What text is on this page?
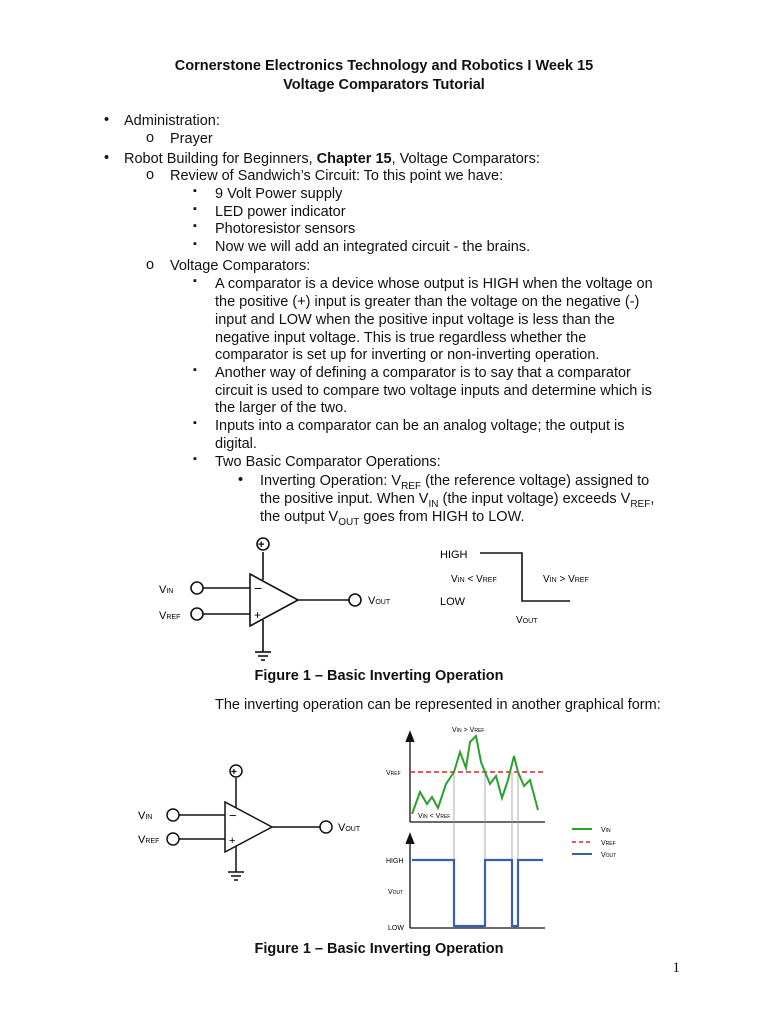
Cornerstone Electronics Technology and Robotics I Week 15
Voltage Comparators Tutorial
• Administration:
o Prayer
• Robot Building for Beginners, Chapter 15, Voltage Comparators:
o Review of Sandwich’s Circuit: To this point we have:
▪ 9 Volt Power supply
▪ LED power indicator
▪ Photoresistor sensors
▪ Now we will add an integrated circuit - the brains.
o Voltage Comparators:
▪ A comparator is a device whose output is HIGH when the voltage on
the positive (+) input is greater than the voltage on the negative (-)
input and LOW when the positive input voltage is less than the
negative input voltage. This is true regardless whether the
comparator is set up for inverting or non-inverting operation.
▪ Another way of defining a comparator is to say that a comparator
circuit is used to compare two voltage inputs and determine which is
the larger of the two.
▪ Inputs into a comparator can be an analog voltage; the output is
digital.
▪ Two Basic Comparator Operations:
• Inverting Operation: $V_{REF}$ (the reference voltage) assigned to
the positive input. When $V_{IN}$ (the input voltage) exceeds $V_{REF}$,
the output $V_{OUT}$ goes from HIGH to LOW.
+
−
+
VIN
VREF
VOUT
HIGH
LOW
VIN < VREF	VIN > VREF
VOUT
Figure 1 – Basic Inverting Operation
The inverting operation can be represented in another graphical form:
+
−
+
VIN
VREF
VOUT
VIN > VREF
VIN < VREF
VREF
HIGH
VOUT
LOW
VIN
VREF
VOUT
Figure 1 – Basic Inverting Operation
1
